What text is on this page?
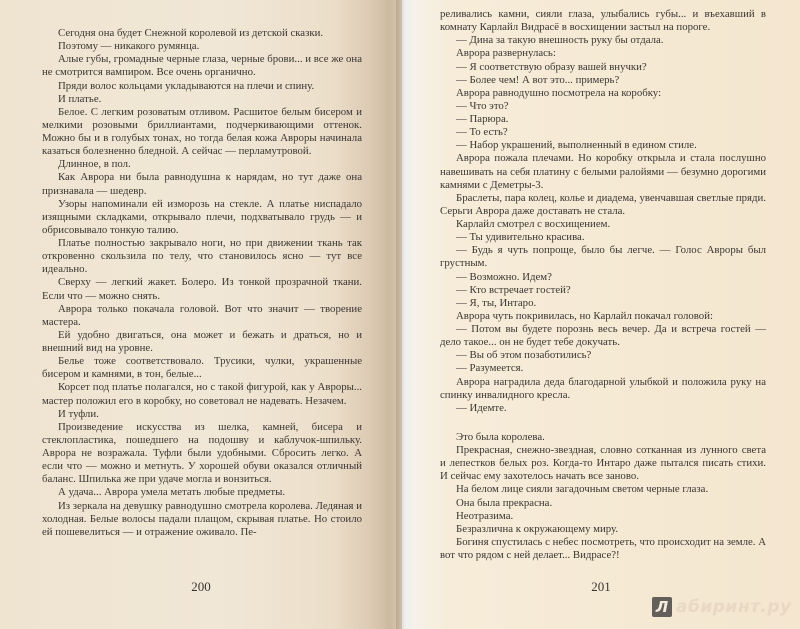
Сегодня она будет Снежной королевой из детской сказки.

Поэтому — никакого румянца.

Алые губы, громадные черные глаза, черные брови... и все же она не смотрится вампиром. Все очень органично.

Пряди волос кольцами укладываются на плечи и спину.

И платье.

Белое. С легким розоватым отливом. Расшитое белым бисером и мелкими розовыми бриллиантами, подчеркивающими оттенок. Можно бы и в голубых тонах, но тогда белая кожа Авроры начинала казаться болезненно бледной. А сейчас — перламутровой.

Длинное, в пол.

Как Аврора ни была равнодушна к нарядам, но тут даже она признавала — шедевр.

Узоры напоминали ей изморозь на стекле. А платье ниспадало изящными складками, открывало плечи, подхватывало грудь — и обрисовывало тонкую талию.

Платье полностью закрывало ноги, но при движении ткань так откровенно скользила по телу, что становилось ясно — тут все идеально.

Сверху — легкий жакет. Болеро. Из тонкой прозрачной ткани. Если что — можно снять.

Аврора только покачала головой. Вот что значит — творение мастера.

Ей удобно двигаться, она может и бежать и драться, но и внешний вид на уровне.

Белье тоже соответствовало. Трусики, чулки, украшенные бисером и камнями, в тон, белые...

Корсет под платье полагался, но с такой фигурой, как у Авроры... мастер положил его в коробку, но советовал не надевать. Незачем.

И туфли.

Произведение искусства из шелка, камней, бисера и стеклопластика, пошедшего на подошву и каблучок-шпильку. Аврора не возражала. Туфли были удобными. Сбросить легко. А если что — можно и метнуть. У хорошей обуви оказался отличный баланс. Шпилька же при удаче могла и вонзиться.

А удача... Аврора умела метать любые предметы.

Из зеркала на девушку равнодушно смотрела королева. Ледяная и холодная. Белые волосы падали плащом, скрывая платье. Но стоило ей пошевелиться — и отражение оживало. Пе-

200

реливались камни, сияли глаза, улыбались губы... и въехавший в комнату Карлайл Видрасё в восхищении застыл на пороге.

— Дина за такую внешность руку бы отдала.

Аврора развернулась:

— Я соответствую образу вашей внучки?

— Более чем! А вот это... примерь?

Аврора равнодушно посмотрела на коробку:

— Что это?

— Парюра.

— То есть?

— Набор украшений, выполненный в едином стиле.

Аврора пожала плечами. Но коробку открыла и стала послушно навешивать на себя платину с белыми ралойями — безумно дорогими камнями с Деметры-3.

Браслеты, пара колец, колье и диадема, увенчавшая светлые пряди. Серьги Аврора даже доставать не стала.

Карлайл смотрел с восхищением.

— Ты удивительно красива.

— Будь я чуть попроще, было бы легче. — Голос Авроры был грустным.

— Возможно. Идем?

— Кто встречает гостей?

— Я, ты, Интаро.

Аврора чуть покривилась, но Карлайл покачал головой:

— Потом вы будете порознь весь вечер. Да и встреча гостей — дело такое... он не будет тебе докучать.

— Вы об этом позаботились?

— Разумеется.

Аврора наградила деда благодарной улыбкой и положила руку на спинку инвалидного кресла.

— Идемте.

Это была королева.

Прекрасная, снежно-звездная, словно сотканная из лунного света и лепестков белых роз. Когда-то Интаро даже пытался писать стихи. И сейчас ему захотелось начать все заново.

На белом лице сияли загадочным светом черные глаза.

Она была прекрасна.

Неотразима.

Безразлична к окружающему миру.

Богиня спустилась с небес посмотреть, что происходит на земле. А вот что рядом с ней делает... Видрасе?!

201
Л абиринт.ру
